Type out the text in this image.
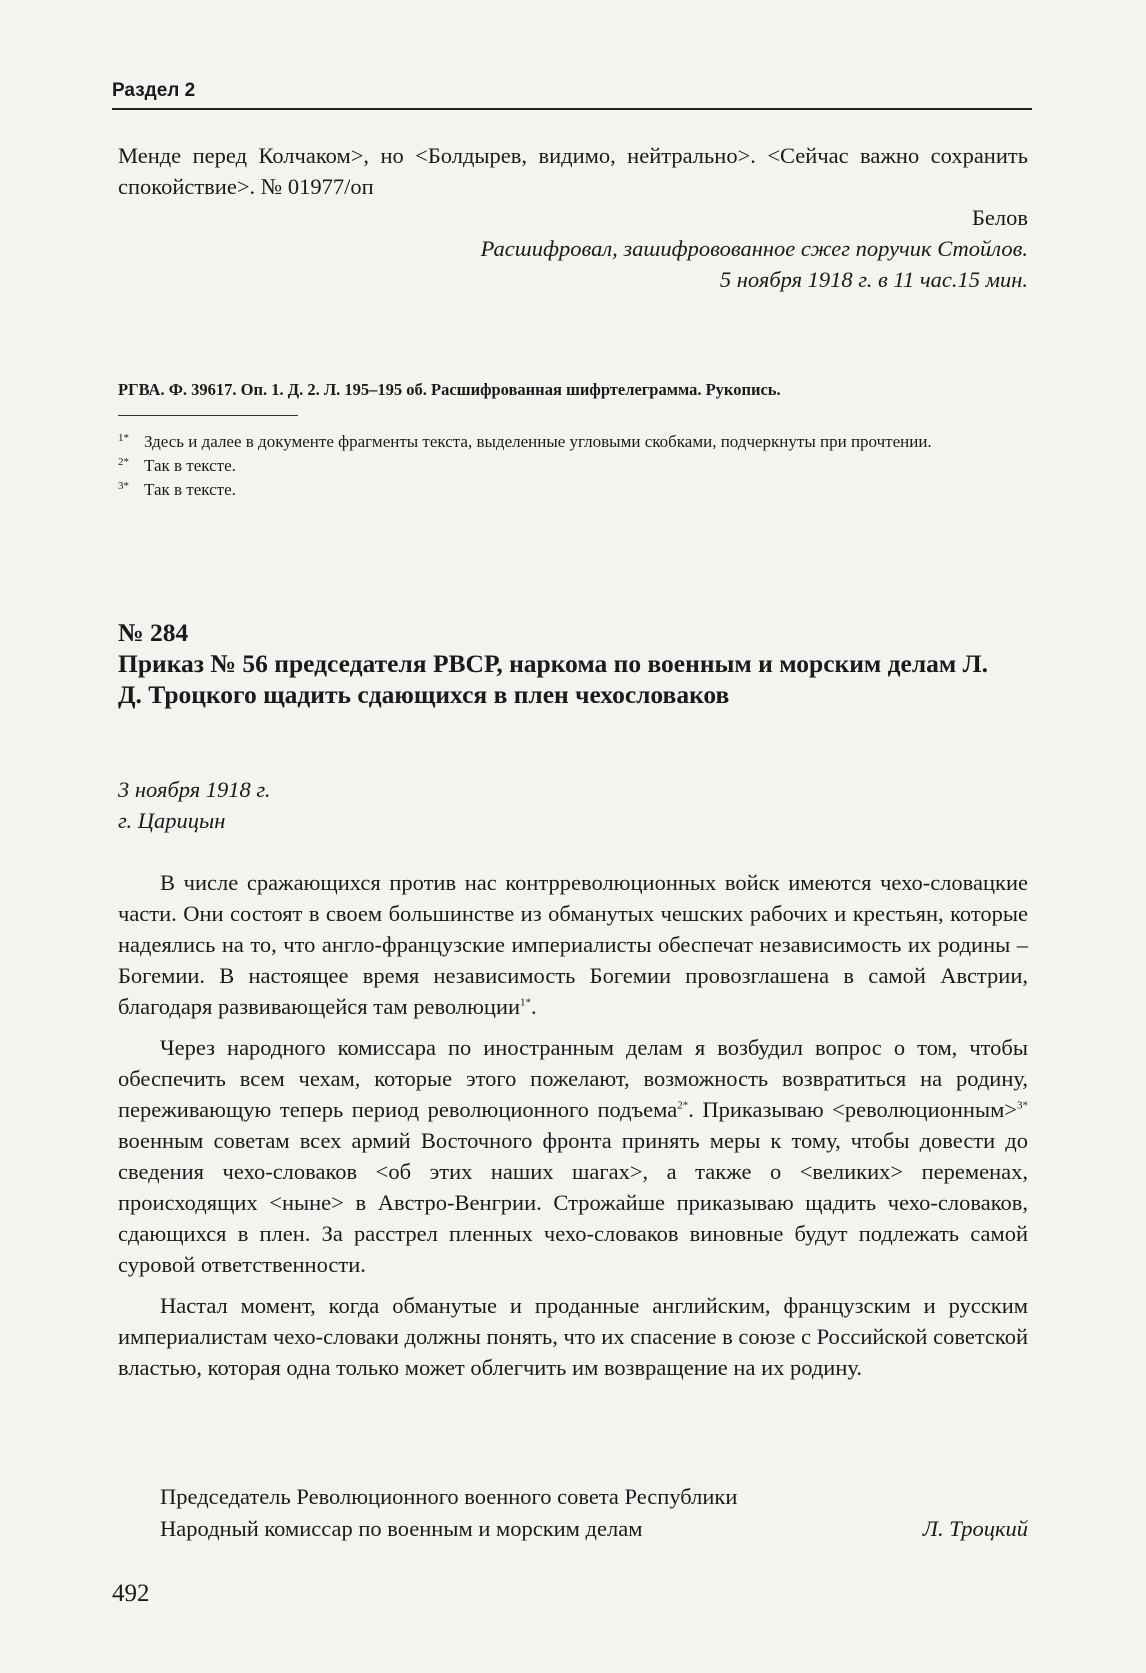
Раздел 2

Менде перед Колчаком>, но <Болдырев, видимо, нейтрально>. <Сейчас важно сохранить спокойствие>. № 01977/оп

Белов

Расшифровал, зашифровованное сжег поручик Стойлов.

5 ноября 1918 г. в 11 час.15 мин.

РГВА. Ф. 39617. Оп. 1. Д. 2. Л. 195–195 об. Расшифрованная шифртелеграмма. Рукопись.
1* Здесь и далее в документе фрагменты текста, выделенные угловыми скобками, подчеркнуты при прочтении.
2* Так в тексте.
3* Так в тексте.
№ 284
Приказ № 56 председателя РВСР, наркома по военным и морским делам Л. Д. Троцкого щадить сдающихся в плен чехословаков
3 ноября 1918 г.
г. Царицын

В числе сражающихся против нас контрреволюционных войск имеются чехо-словацкие части. Они состоят в своем большинстве из обманутых чешских рабочих и крестьян, которые надеялись на то, что англо-французские империалисты обеспечат независимость их родины – Богемии. В настоящее время независимость Богемии провозглашена в самой Австрии, благодаря развивающейся там революции$^{1*}$.

Через народного комиссара по иностранным делам я возбудил вопрос о том, чтобы обеспечить всем чехам, которые этого пожелают, возможность возвратиться на родину, переживающую теперь период революционного подъема$^{2*}$. Приказываю <революционным>$^{3*}$ военным советам всех армий Восточного фронта принять меры к тому, чтобы довести до сведения чехо-словаков <об этих наших шагах>, а также о <великих> переменах, происходящих <ныне> в Австро-Венгрии. Строжайше приказываю щадить чехо-словаков, сдающихся в плен. За расстрел пленных чехо-словаков виновные будут подлежать самой суровой ответственности.

Настал момент, когда обманутые и проданные английским, французским и русским империалистам чехо-словаки должны понять, что их спасение в союзе с Российской советской властью, которая одна только может облегчить им возвращение на их родину.

Председатель Революционного военного совета Республики
Народный комиссар по военным и морским делам	Л. Троцкий
492
